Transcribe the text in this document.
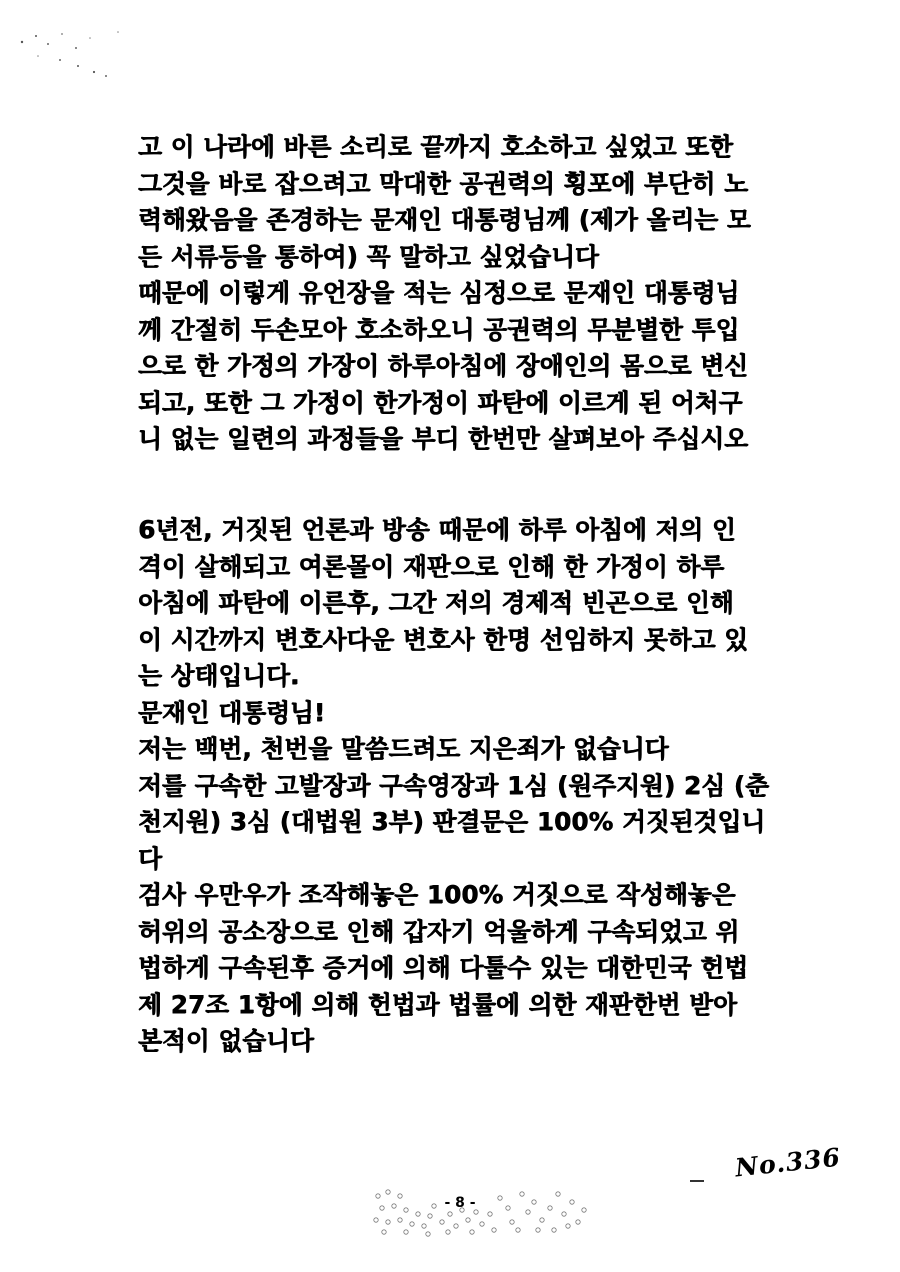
고 이 나라에 바른 소리로 끝까지 호소하고 싶었고 또한
그것을 바로 잡으려고 막대한 공권력의 횡포에 부단히 노
력해왔음을 존경하는 문재인 대통령님께 (제가 올리는 모
든 서류등을 통하여) 꼭 말하고 싶었습니다
때문에 이렇게 유언장을 적는 심정으로 문재인 대통령님
께 간절히 두손모아 호소하오니 공권력의 무분별한 투입
으로 한 가정의 가장이 하루아침에 장애인의 몸으로 변신
되고, 또한 그 가정이 한가정이 파탄에 이르게 된 어처구
니 없는 일련의 과정들을 부디 한번만 살펴보아 주십시오
6년전, 거짓된 언론과 방송 때문에 하루 아침에 저의 인
격이 살해되고 여론몰이 재판으로 인해 한 가정이 하루
아침에 파탄에 이른후, 그간 저의 경제적 빈곤으로 인해
이 시간까지 변호사다운 변호사 한명 선임하지 못하고 있
는 상태입니다.
문재인 대통령님!
저는 백번, 천번을 말씀드려도 지은죄가 없습니다
저를 구속한 고발장과 구속영장과 1심 (원주지원) 2심 (춘
천지원) 3심 (대법원 3부) 판결문은 100% 거짓된것입니
다
검사 우만우가 조작해놓은 100% 거짓으로 작성해놓은
허위의 공소장으로 인해 갑자기 억울하게 구속되었고 위
법하게 구속된후 증거에 의해 다툴수 있는 대한민국 헌법
제 27조 1항에 의해 헌법과 법률에 의한 재판한번 받아
본적이 없습니다
No.336
- 8 -
